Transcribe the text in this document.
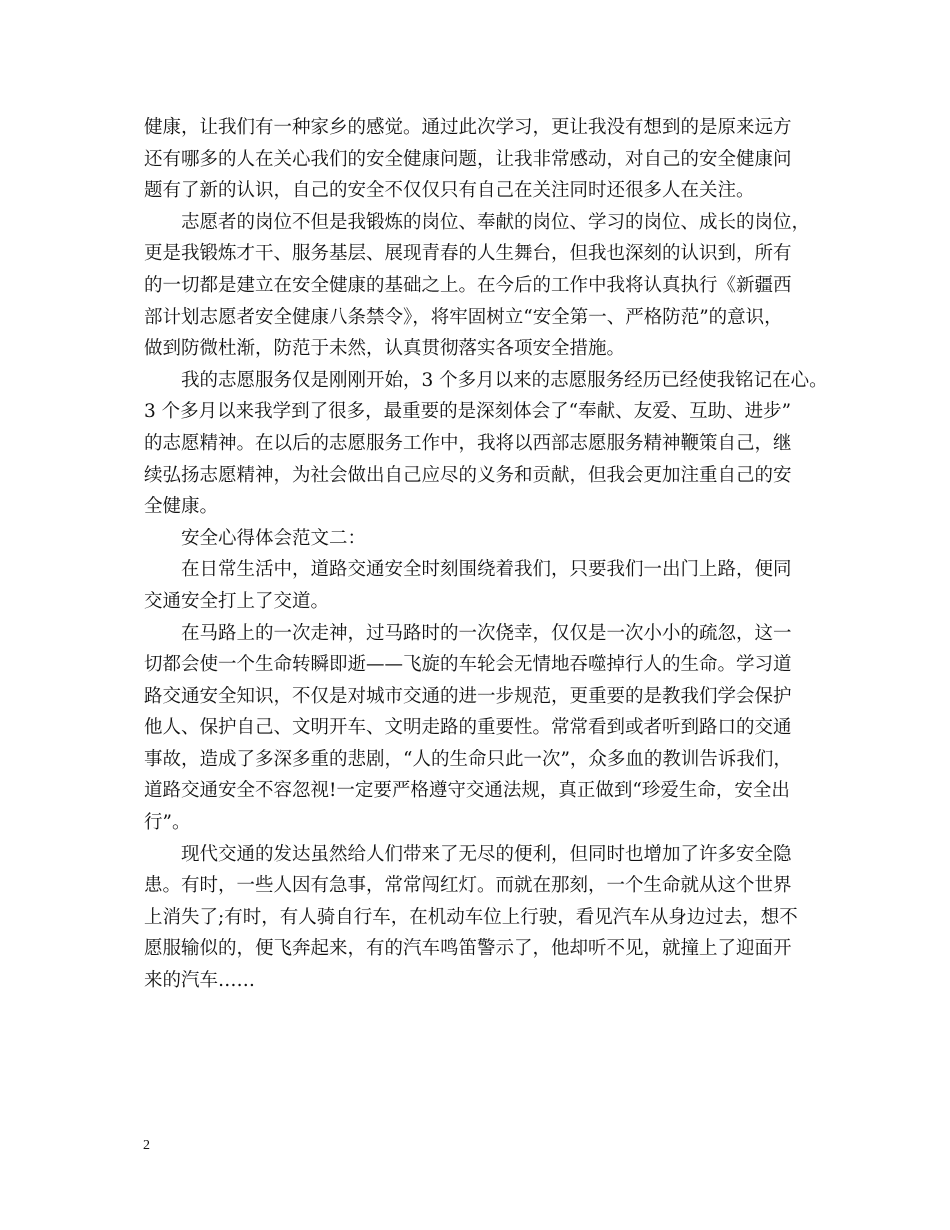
健康，让我们有一种家乡的感觉。通过此次学习，更让我没有想到的是原来远方
还有哪多的人在关心我们的安全健康问题，让我非常感动，对自己的安全健康问
题有了新的认识，自己的安全不仅仅只有自己在关注同时还很多人在关注。
志愿者的岗位不但是我锻炼的岗位、奉献的岗位、学习的岗位、成长的岗位，
更是我锻炼才干、服务基层、展现青春的人生舞台，但我也深刻的认识到，所有
的一切都是建立在安全健康的基础之上。在今后的工作中我将认真执行《新疆西
部计划志愿者安全健康八条禁令》，将牢固树立“安全第一、严格防范”的意识，
做到防微杜渐，防范于未然，认真贯彻落实各项安全措施。
我的志愿服务仅是刚刚开始，3 个多月以来的志愿服务经历已经使我铭记在心。
3 个多月以来我学到了很多，最重要的是深刻体会了“奉献、友爱、互助、进步”
的志愿精神。在以后的志愿服务工作中，我将以西部志愿服务精神鞭策自己，继
续弘扬志愿精神，为社会做出自己应尽的义务和贡献，但我会更加注重自己的安
全健康。
安全心得体会范文二：
在日常生活中，道路交通安全时刻围绕着我们，只要我们一出门上路，便同
交通安全打上了交道。
在马路上的一次走神，过马路时的一次侥幸，仅仅是一次小小的疏忽，这一
切都会使一个生命转瞬即逝——飞旋的车轮会无情地吞噬掉行人的生命。学习道
路交通安全知识，不仅是对城市交通的进一步规范，更重要的是教我们学会保护
他人、保护自己、文明开车、文明走路的重要性。常常看到或者听到路口的交通
事故，造成了多深多重的悲剧，“人的生命只此一次”，众多血的教训告诉我们，
道路交通安全不容忽视!一定要严格遵守交通法规，真正做到“珍爱生命，安全出
行”。
现代交通的发达虽然给人们带来了无尽的便利，但同时也增加了许多安全隐
患。有时，一些人因有急事，常常闯红灯。而就在那刻，一个生命就从这个世界
上消失了;有时，有人骑自行车，在机动车位上行驶，看见汽车从身边过去，想不
愿服输似的，便飞奔起来，有的汽车鸣笛警示了，他却听不见，就撞上了迎面开
来的汽车……
2
